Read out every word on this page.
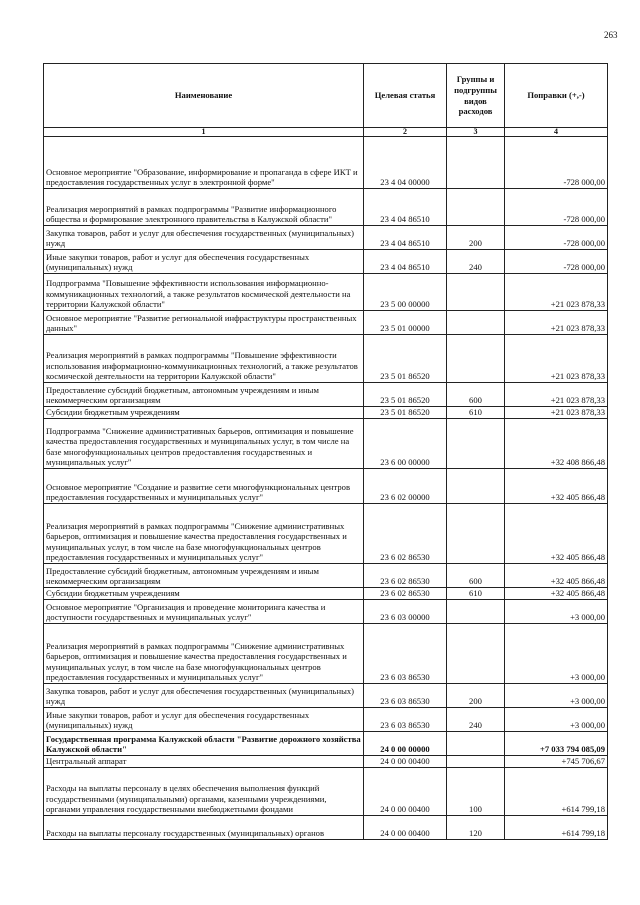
263
Наименование	Целевая статья	Группы и подгруппы видов расходов	Поправки (+,-)
1	2	3	4
Основное мероприятие "Образование, информирование и пропаганда в сфере ИКТ и предоставления государственных услуг в электронной форме"	23 4 04 00000		-728 000,00
Реализация мероприятий в рамках подпрограммы "Развитие информационного общества и формирование электронного правительства в Калужской области"	23 4 04 86510		-728 000,00
Закупка товаров, работ и услуг для обеспечения государственных (муниципальных) нужд	23 4 04 86510	200	-728 000,00
Иные закупки товаров, работ и услуг для обеспечения государственных (муниципальных) нужд	23 4 04 86510	240	-728 000,00
Подпрограмма "Повышение эффективности использования информационно-коммуникационных технологий, а также результатов космической деятельности на территории Калужской области"	23 5 00 00000		+21 023 878,33
Основное мероприятие "Развитие региональной инфраструктуры пространственных данных"	23 5 01 00000		+21 023 878,33
Реализация мероприятий в рамках подпрограммы "Повышение эффективности использования информационно-коммуникационных технологий, а также результатов космической деятельности на территории Калужской области"	23 5 01 86520		+21 023 878,33
Предоставление субсидий бюджетным, автономным учреждениям и иным некоммерческим организациям	23 5 01 86520	600	+21 023 878,33
Субсидии бюджетным учреждениям	23 5 01 86520	610	+21 023 878,33
Подпрограмма "Снижение административных барьеров, оптимизация и повышение качества предоставления государственных и муниципальных услуг, в том числе на базе многофункциональных центров предоставления государственных и муниципальных услуг"	23 6 00 00000		+32 408 866,48
Основное мероприятие "Создание и развитие сети многофункциональных центров предоставления государственных и муниципальных услуг"	23 6 02 00000		+32 405 866,48
Реализация мероприятий в рамках подпрограммы "Снижение административных барьеров, оптимизация и повышение качества предоставления государственных и муниципальных услуг, в том числе на базе многофункциональных центров предоставления государственных и муниципальных услуг"	23 6 02 86530		+32 405 866,48
Предоставление субсидий бюджетным, автономным учреждениям и иным некоммерческим организациям	23 6 02 86530	600	+32 405 866,48
Субсидии бюджетным учреждениям	23 6 02 86530	610	+32 405 866,48
Основное мероприятие "Организация и проведение мониторинга качества и доступности государственных и муниципальных услуг"	23 6 03 00000		+3 000,00
Реализация мероприятий в рамках подпрограммы "Снижение административных барьеров, оптимизация и повышение качества предоставления государственных и муниципальных услуг, в том числе на базе многофункциональных центров предоставления государственных и муниципальных услуг"	23 6 03 86530		+3 000,00
Закупка товаров, работ и услуг для обеспечения государственных (муниципальных) нужд	23 6 03 86530	200	+3 000,00
Иные закупки товаров, работ и услуг для обеспечения государственных (муниципальных) нужд	23 6 03 86530	240	+3 000,00
Государственная программа Калужской области "Развитие дорожного хозяйства Калужской области"	24 0 00 00000		+7 033 794 085,09
Центральный аппарат	24 0 00 00400		+745 706,67
Расходы на выплаты персоналу в целях обеспечения выполнения функций государственными (муниципальными) органами, казенными учреждениями, органами управления государственными внебюджетными фондами	24 0 00 00400	100	+614 799,18
Расходы на выплаты персоналу государственных (муниципальных) органов	24 0 00 00400	120	+614 799,18
